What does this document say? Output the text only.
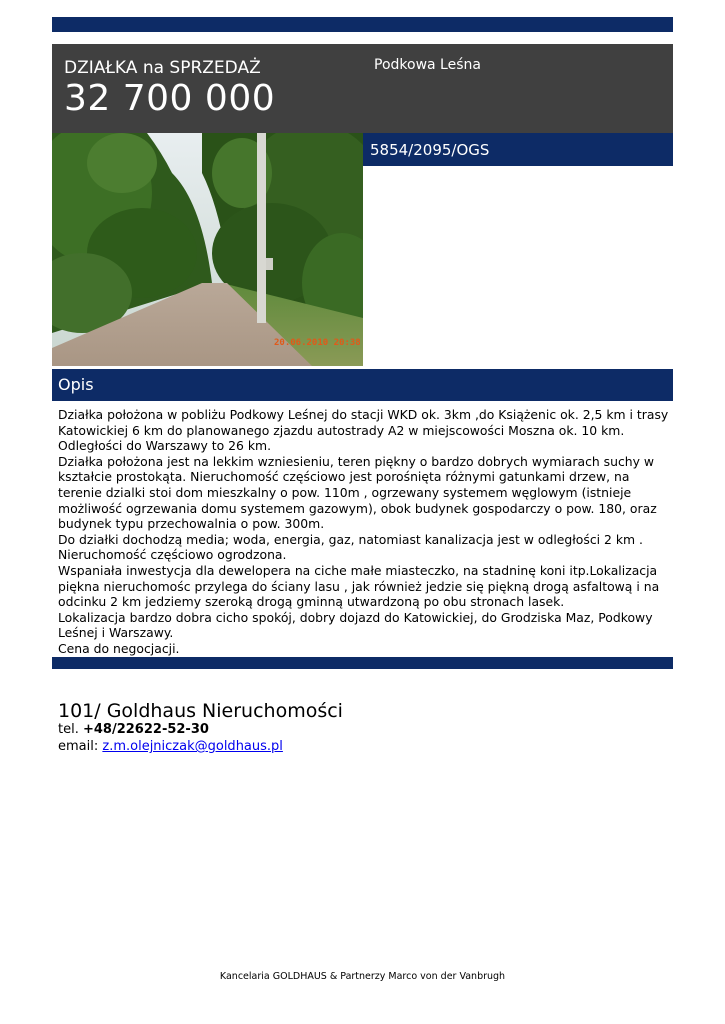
DZIAŁKA na SPRZEDAŻ
32 700 000
Podkowa Leśna
20.06.2010 20:38
5854/2095/OGS
Opis
Działka położona w pobliżu Podkowy Leśnej do stacji WKD ok. 3km ,do Książenic ok. 2,5 km i trasy
Katowickiej 6 km do planowanego zjazdu autostrady A2 w miejscowości Moszna ok. 10 km.
Odległości do Warszawy to 26 km.
Działka położona jest na lekkim wzniesieniu, teren piękny o bardzo dobrych wymiarach suchy w
kształcie prostokąta. Nieruchomość częściowo jest porośnięta różnymi gatunkami drzew, na
terenie dzialki stoi dom mieszkalny o pow. 110m , ogrzewany systemem węglowym (istnieje
możliwość ogrzewania domu systemem gazowym), obok budynek gospodarczy o pow. 180, oraz
budynek typu przechowalnia o pow. 300m.
Do działki dochodzą media; woda, energia, gaz, natomiast kanalizacja jest w odległości 2 km .
Nieruchomość częściowo ogrodzona.
Wspaniała inwestycja dla dewelopera na ciche małe miasteczko, na stadninę koni itp.Lokalizacja
piękna nieruchomośc przylega do ściany lasu , jak również jedzie się piękną drogą asfaltową i na
odcinku 2 km jedziemy szeroką drogą gminną utwardzoną po obu stronach lasek.
Lokalizacja bardzo dobra cicho spokój, dobry dojazd do Katowickiej, do Grodziska Maz, Podkowy
Leśnej i Warszawy.
Cena do negocjacji.
101/ Goldhaus Nieruchomości
tel. +48/22622-52-30
email: z.m.olejniczak@goldhaus.pl
Kancelaria GOLDHAUS & Partnerzy Marco von der Vanbrugh
